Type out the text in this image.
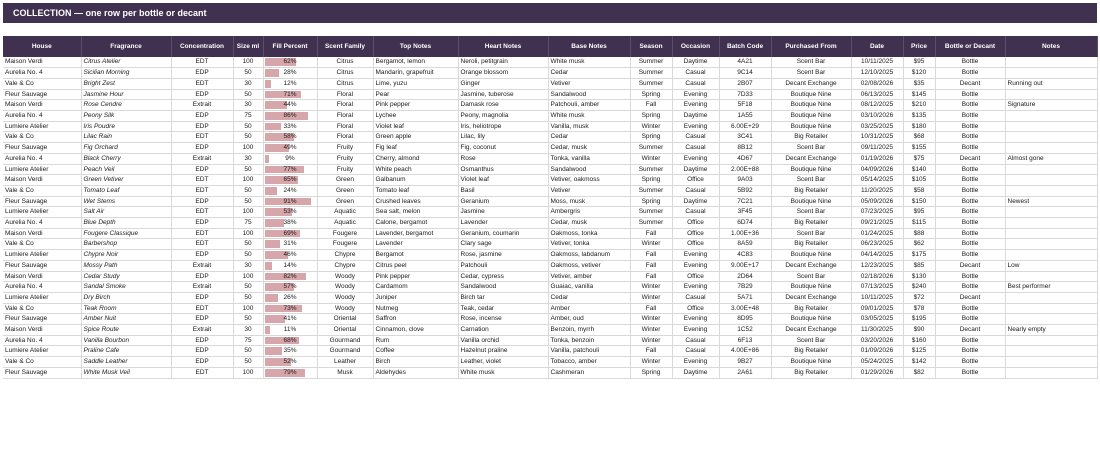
COLLECTION — one row per bottle or decant
House	Fragrance	Concentration	Size ml	Fill Percent	Scent Family	Top Notes	Heart Notes	Base Notes	Season	Occasion	Batch Code	Purchased From	Date	Price	Bottle or Decant	Notes
Maison Verdi	Citrus Atelier	EDT	100	62%	Citrus	Bergamot, lemon	Neroli, petitgrain	White musk	Summer	Daytime	4A21	Scent Bar	10/11/2025	$95	Bottle	
Aurelia No. 4	Sicilian Morning	EDP	50	28%	Citrus	Mandarin, grapefruit	Orange blossom	Cedar	Summer	Casual	9C14	Scent Bar	12/10/2025	$120	Bottle	
Vale & Co	Bright Zest	EDT	30	12%	Citrus	Lime, yuzu	Ginger	Vetiver	Summer	Casual	2B07	Decant Exchange	02/08/2026	$35	Decant	Running out
Fleur Sauvage	Jasmine Hour	EDP	50	71%	Floral	Pear	Jasmine, tuberose	Sandalwood	Spring	Evening	7D33	Boutique Nine	06/13/2025	$145	Bottle	
Maison Verdi	Rose Cendre	Extrait	30	44%	Floral	Pink pepper	Damask rose	Patchouli, amber	Fall	Evening	5F18	Boutique Nine	08/12/2025	$210	Bottle	Signature
Aurelia No. 4	Peony Silk	EDP	75	86%	Floral	Lychee	Peony, magnolia	White musk	Spring	Daytime	1A55	Boutique Nine	03/10/2026	$135	Bottle	
Lumiere Atelier	Iris Poudre	EDP	50	33%	Floral	Violet leaf	Iris, heliotrope	Vanilla, musk	Winter	Evening	6.00E+29	Boutique Nine	03/25/2025	$180	Bottle	
Vale & Co	Lilac Rain	EDT	50	58%	Floral	Green apple	Lilac, lily	Cedar	Spring	Casual	3C41	Big Retailer	10/31/2025	$68	Bottle	
Fleur Sauvage	Fig Orchard	EDP	100	49%	Fruity	Fig leaf	Fig, coconut	Cedar, musk	Summer	Casual	8B12	Scent Bar	09/11/2025	$155	Bottle	
Aurelia No. 4	Black Cherry	Extrait	30	9%	Fruity	Cherry, almond	Rose	Tonka, vanilla	Winter	Evening	4D67	Decant Exchange	01/19/2026	$75	Decant	Almost gone
Lumiere Atelier	Peach Veil	EDP	50	77%	Fruity	White peach	Osmanthus	Sandalwood	Summer	Daytime	2.00E+88	Boutique Nine	04/09/2026	$140	Bottle	
Maison Verdi	Green Vetiver	EDT	100	65%	Green	Galbanum	Violet leaf	Vetiver, oakmoss	Spring	Office	9A03	Scent Bar	05/14/2025	$105	Bottle	
Vale & Co	Tomato Leaf	EDT	50	24%	Green	Tomato leaf	Basil	Vetiver	Summer	Casual	5B92	Big Retailer	11/20/2025	$58	Bottle	
Fleur Sauvage	Wet Stems	EDP	50	91%	Green	Crushed leaves	Geranium	Moss, musk	Spring	Daytime	7C21	Boutique Nine	05/09/2026	$150	Bottle	Newest
Lumiere Atelier	Salt Air	EDT	100	53%	Aquatic	Sea salt, melon	Jasmine	Ambergris	Summer	Casual	3F45	Scent Bar	07/23/2025	$95	Bottle	
Aurelia No. 4	Blue Depth	EDP	75	38%	Aquatic	Calone, bergamot	Lavender	Cedar, musk	Summer	Office	6D74	Big Retailer	09/21/2025	$115	Bottle	
Maison Verdi	Fougere Classique	EDT	100	69%	Fougere	Lavender, bergamot	Geranium, coumarin	Oakmoss, tonka	Fall	Office	1.00E+36	Scent Bar	01/24/2025	$88	Bottle	
Vale & Co	Barbershop	EDT	50	31%	Fougere	Lavender	Clary sage	Vetiver, tonka	Winter	Office	8A59	Big Retailer	06/23/2025	$62	Bottle	
Lumiere Atelier	Chypre Noir	EDP	50	46%	Chypre	Bergamot	Rose, jasmine	Oakmoss, labdanum	Fall	Evening	4C83	Boutique Nine	04/14/2025	$175	Bottle	
Fleur Sauvage	Mossy Path	Extrait	30	14%	Chypre	Citrus peel	Patchouli	Oakmoss, vetiver	Fall	Evening	9.00E+17	Decant Exchange	12/23/2025	$85	Decant	Low
Maison Verdi	Cedar Study	EDP	100	82%	Woody	Pink pepper	Cedar, cypress	Vetiver, amber	Fall	Office	2D64	Scent Bar	02/18/2026	$130	Bottle	
Aurelia No. 4	Sandal Smoke	Extrait	50	57%	Woody	Cardamom	Sandalwood	Guaiac, vanilla	Winter	Evening	7B29	Boutique Nine	07/13/2025	$240	Bottle	Best performer
Lumiere Atelier	Dry Birch	EDP	50	26%	Woody	Juniper	Birch tar	Cedar	Winter	Casual	5A71	Decant Exchange	10/11/2025	$72	Decant	
Vale & Co	Teak Room	EDT	100	73%	Woody	Nutmeg	Teak, cedar	Amber	Fall	Office	3.00E+48	Big Retailer	09/01/2025	$78	Bottle	
Fleur Sauvage	Amber Nuit	EDP	50	41%	Oriental	Saffron	Rose, incense	Amber, oud	Winter	Evening	8D95	Boutique Nine	03/05/2025	$195	Bottle	
Maison Verdi	Spice Route	Extrait	30	11%	Oriental	Cinnamon, clove	Carnation	Benzoin, myrrh	Winter	Evening	1C52	Decant Exchange	11/30/2025	$90	Decant	Nearly empty
Aurelia No. 4	Vanilla Bourbon	EDP	75	68%	Gourmand	Rum	Vanilla orchid	Tonka, benzoin	Winter	Casual	6F13	Scent Bar	03/20/2026	$160	Bottle	
Lumiere Atelier	Praline Cafe	EDP	50	35%	Gourmand	Coffee	Hazelnut praline	Vanilla, patchouli	Fall	Casual	4.00E+86	Big Retailer	01/09/2026	$125	Bottle	
Vale & Co	Saddle Leather	EDP	50	52%	Leather	Birch	Leather, violet	Tobacco, amber	Winter	Evening	9B27	Boutique Nine	05/24/2025	$142	Bottle	
Fleur Sauvage	White Musk Veil	EDT	100	79%	Musk	Aldehydes	White musk	Cashmeran	Spring	Daytime	2A61	Big Retailer	01/29/2026	$82	Bottle	
